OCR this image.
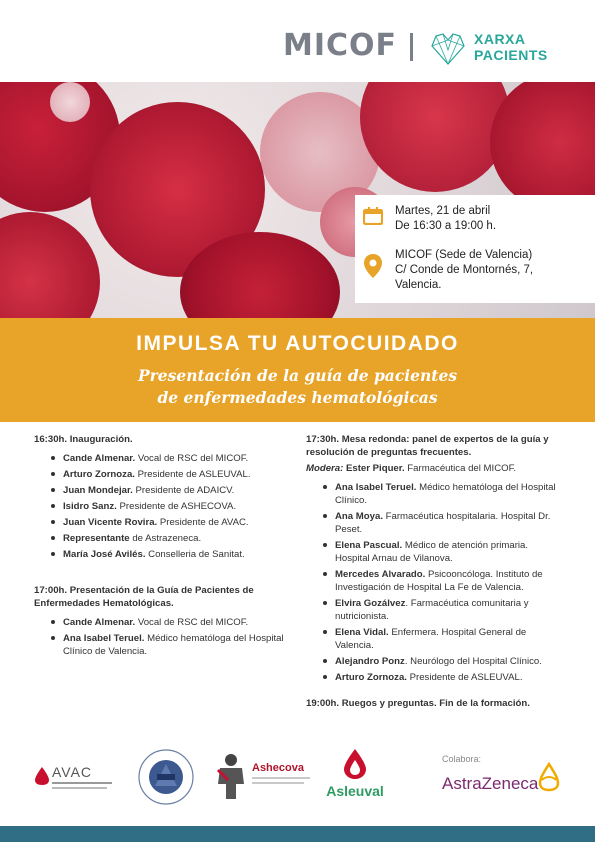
MICOF	XARXA
PACIENTS
Martes, 21 de abril
De 16:30 a 19:00 h.
MICOF (Sede de Valencia)
C/ Conde de Montornés, 7,
Valencia.
IMPULSA TU AUTOCUIDADO
Presentación de la guía de pacientes
de enfermedades hematológicas
16:30h. Inauguración.
Cande Almenar. Vocal de RSC del MICOF.
Arturo Zornoza. Presidente de ASLEUVAL.
Juan Mondejar. Presidente de ADAICV.
Isidro Sanz. Presidente de ASHECOVA.
Juan Vicente Rovira. Presidente de AVAC.
Representante de Astrazeneca.
María José Avilés. Conselleria de Sanitat.
17:00h. Presentación de la Guía de Pacientes de Enfermedades Hematológicas.
Cande Almenar. Vocal de RSC del MICOF.
Ana Isabel Teruel. Médico hematóloga del Hospital Clínico de Valencia.
17:30h. Mesa redonda: panel de expertos de la guía y resolución de preguntas frecuentes.
Modera: Ester Piquer. Farmacéutica del MICOF.
Ana Isabel Teruel. Médico hematóloga del Hospital Clínico.
Ana Moya. Farmacéutica hospitalaria. Hospital Dr. Peset.
Elena Pascual. Médico de atención primaria. Hospital Arnau de Vilanova.
Mercedes Alvarado. Psicooncóloga. Instituto de Investigación de Hospital La Fe de Valencia.
Elvira Gozálvez. Farmacéutica comunitaria y nutricionista.
Elena Vidal. Enfermera. Hospital General de Valencia.
Alejandro Ponz. Neurólogo del Hospital Clínico.
Arturo Zornoza. Presidente de ASLEUVAL.
19:00h. Ruegos y preguntas. Fin de la formación.
AVAC	Ashecova
Asleuval
Colabora:
AstraZeneca
